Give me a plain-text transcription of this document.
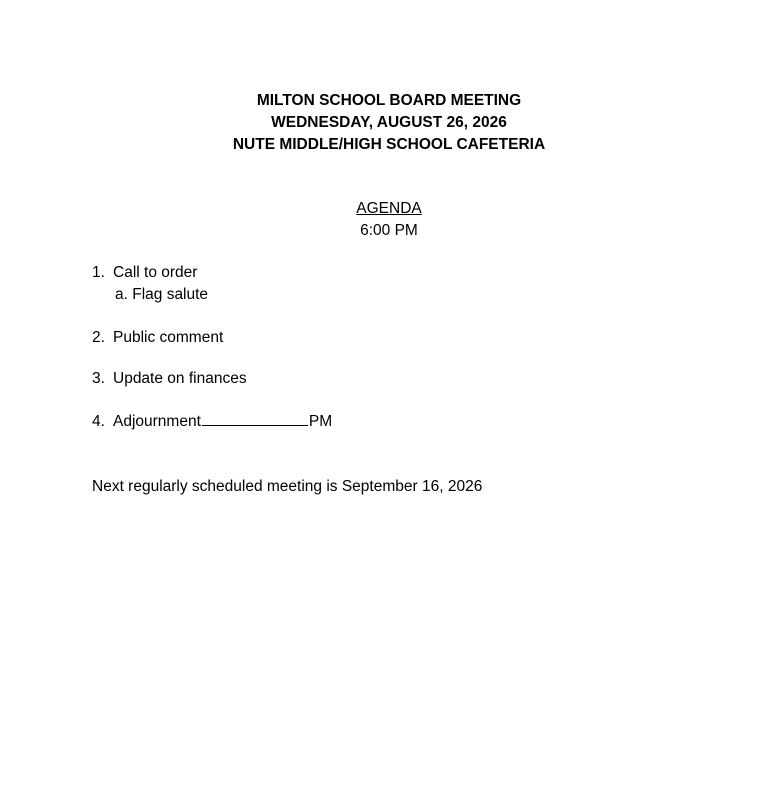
MILTON SCHOOL BOARD MEETING
WEDNESDAY, AUGUST 26, 2026
NUTE MIDDLE/HIGH SCHOOL CAFETERIA
AGENDA
6:00 PM
1. Call to order
a. Flag salute
2. Public comment
3. Update on finances
4. Adjournment	PM
Next regularly scheduled meeting is September 16, 2026
